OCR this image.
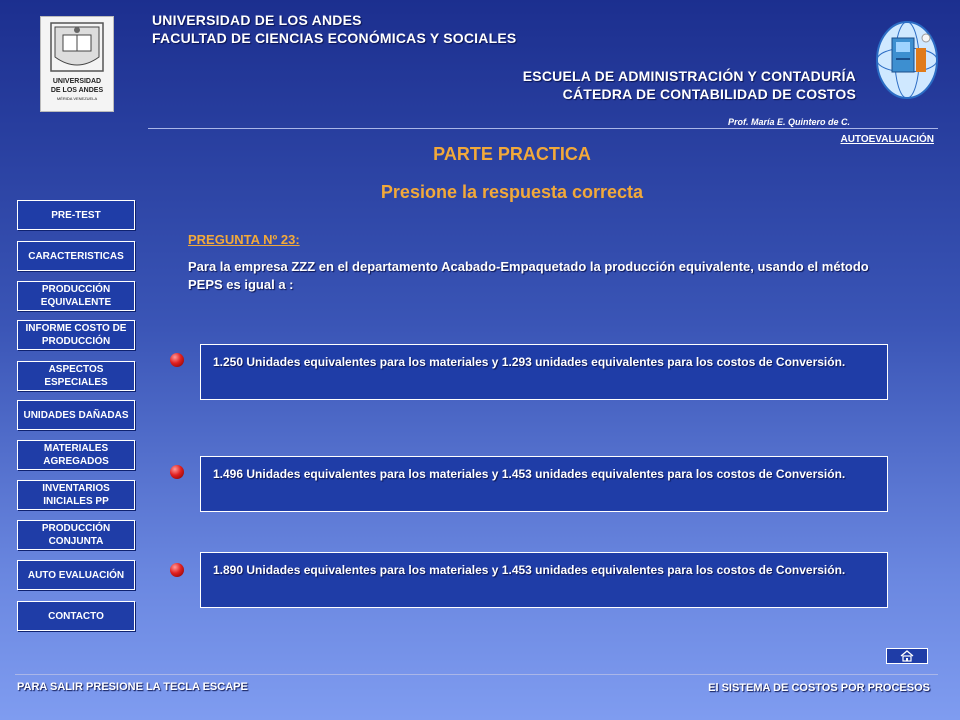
UNIVERSIDAD
DE LOS ANDES
MÉRIDA VENEZUELA
UNIVERSIDAD DE LOS ANDES
FACULTAD DE CIENCIAS ECONÓMICAS Y SOCIALES
ESCUELA DE ADMINISTRACIÓN Y CONTADURÍA
CÁTEDRA DE CONTABILIDAD DE COSTOS
Prof. María E. Quintero de C.
AUTOEVALUACIÓN
PARTE PRACTICA
Presione la respuesta correcta
PRE-TEST
CARACTERISTICAS
PRODUCCIÓN EQUIVALENTE
INFORME COSTO DE PRODUCCIÓN
ASPECTOS ESPECIALES
UNIDADES DAÑADAS
MATERIALES AGREGADOS
INVENTARIOS INICIALES PP
PRODUCCIÓN CONJUNTA
AUTO EVALUACIÓN
CONTACTO
PREGUNTA Nº 23:
Para la empresa ZZZ en el departamento Acabado-Empaquetado la producción equivalente, usando el método PEPS es igual a :
1.250 Unidades equivalentes para los materiales y 1.293 unidades equivalentes para los costos de Conversión.
1.496 Unidades equivalentes para los materiales y 1.453 unidades equivalentes para los costos de Conversión.
1.890 Unidades equivalentes para los materiales y 1.453 unidades equivalentes para los costos de Conversión.
PARA SALIR PRESIONE LA TECLA ESCAPE	El SISTEMA DE COSTOS POR PROCESOS
